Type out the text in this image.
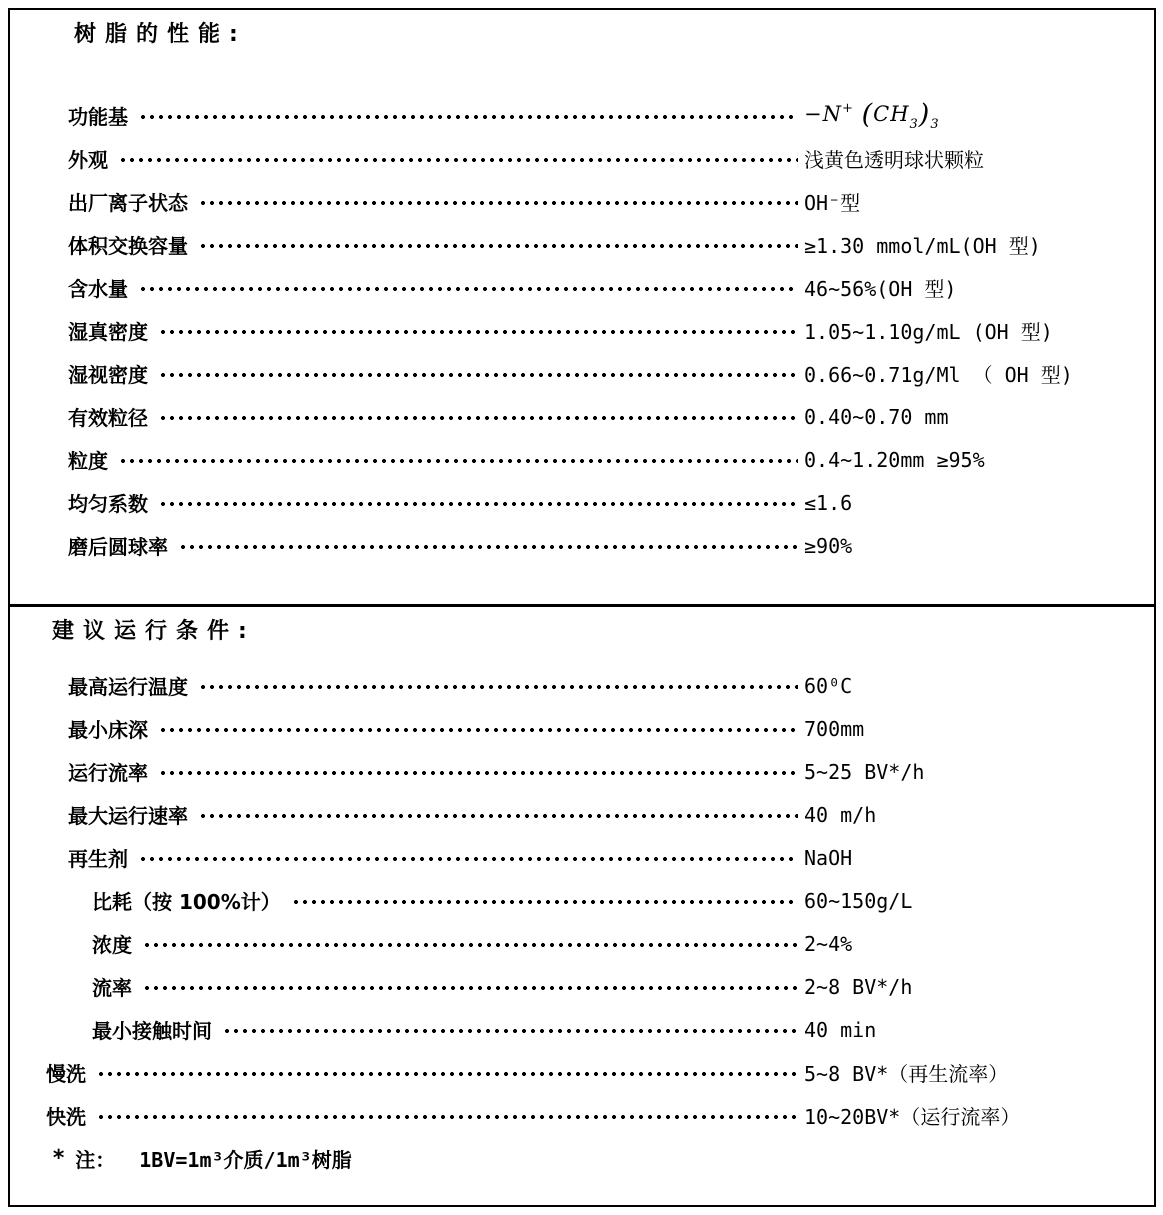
树脂的性能:
功能基	−N+ $(CH_3)_3$
外观	浅黄色透明球状颗粒
出厂离子状态	OH⁻型
体积交换容量	≥1.30 mmol/mL(OH 型)
含水量	46~56%(OH 型)
湿真密度	1.05~1.10g/mL (OH 型)
湿视密度	0.66~0.71g/Ml （ OH 型)
有效粒径	0.40~0.70 mm
粒度	0.4~1.20mm ≥95%
均匀系数	≤1.6
磨后圆球率	≥90%
建议运行条件:
最高运行温度	60⁰C
最小床深	700mm
运行流率	5~25 BV*/h
最大运行速率	40 m/h
再生剂	NaOH
比耗（按 100%计）	60~150g/L
浓度	2~4%
流率	2~8 BV*/h
最小接触时间	40 min
慢洗	5~8 BV*（再生流率）
快洗	10~20BV*（运行流率）
* 注： 1BV=1m³介质/1m³树脂
